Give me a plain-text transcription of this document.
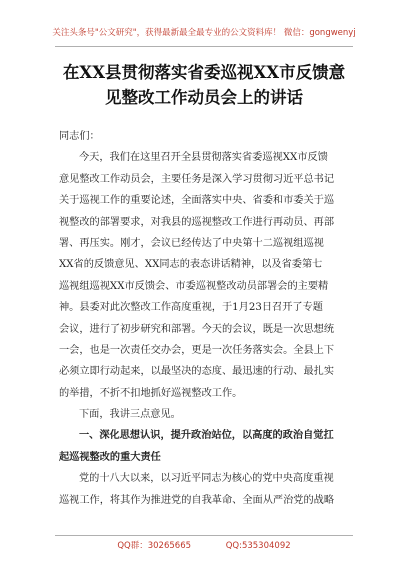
关注头条号"公文研究"，获得最新最全最专业的公文资料库！ 微信：gongwenyj
在XX县贯彻落实省委巡视XX市反馈意
见整改工作动员会上的讲话
同志们：
今天，我们在这里召开全县贯彻落实省委巡视XX市反馈
意见整改工作动员会，主要任务是深入学习贯彻习近平总书记
关于巡视工作的重要论述，全面落实中央、省委和市委关于巡
视整改的部署要求，对我县的巡视整改工作进行再动员、再部
署、再压实。刚才，会议已经传达了中央第十二巡视组巡视
XX省的反馈意见、XX同志的表态讲话精神，以及省委第七
巡视组巡视XX市反馈会、市委巡视整改动员部署会的主要精
神。县委对此次整改工作高度重视，于1月23日召开了专题
会议，进行了初步研究和部署。今天的会议，既是一次思想统
一会，也是一次责任交办会，更是一次任务落实会。全县上下
必须立即行动起来，以最坚决的态度、最迅速的行动、最扎实
的举措，不折不扣地抓好巡视整改工作。
下面，我讲三点意见。
一、深化思想认识，提升政治站位，以高度的政治自觉扛
起巡视整改的重大责任
党的十八大以来，以习近平同志为核心的党中央高度重视
巡视工作，将其作为推进党的自我革命、全面从严治党的战略
QQ群：30265665	QQ:535304092
